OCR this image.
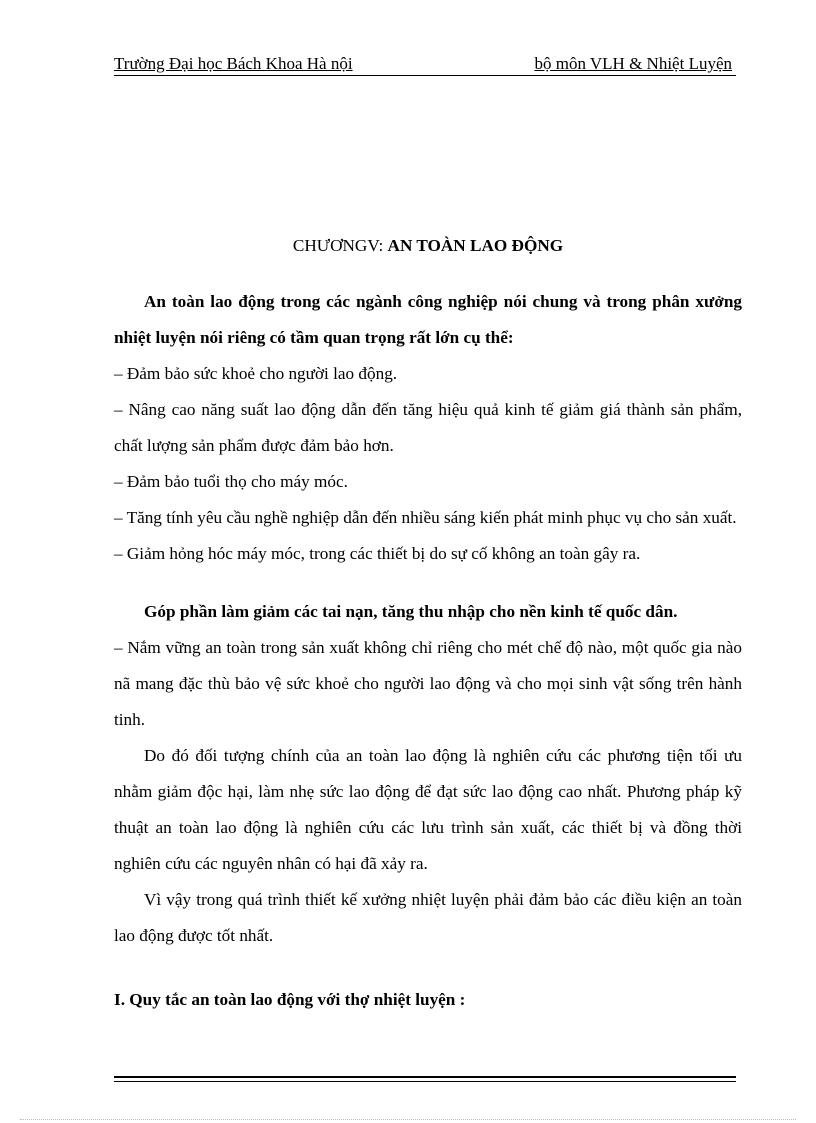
Trường Đại học Bách Khoa Hà nội	bộ môn VLH & Nhiệt Luyện

CHƯƠNGV: AN TOÀN LAO ĐỘNG

An toàn lao động trong các ngành công nghiệp nói chung và trong phân xưởng nhiệt luyện nói riêng có tầm quan trọng rất lớn cụ thể:

– Đảm bảo sức khoẻ cho người lao động.

– Nâng cao năng suất lao động dẫn đến tăng hiệu quả kinh tế giảm giá thành sản phẩm, chất lượng sản phẩm được đảm bảo hơn.

– Đảm bảo tuổi thọ cho máy móc.

– Tăng tính yêu cầu nghề nghiệp dẫn đến nhiều sáng kiến phát minh phục vụ cho sản xuất.

– Giảm hỏng hóc máy móc, trong các thiết bị do sự cố không an toàn gây ra.

Góp phần làm giảm các tai nạn, tăng thu nhập cho nền kinh tế quốc dân.

– Nắm vững an toàn trong sản xuất không chỉ riêng cho mét chế độ nào, một quốc gia nào nã mang đặc thù bảo vệ sức khoẻ cho người lao động và cho mọi sinh vật sống trên hành tinh.

Do đó đối tượng chính của an toàn lao động là nghiên cứu các phương tiện tối ưu nhằm giảm độc hại, làm nhẹ sức lao động để đạt sức lao động cao nhất. Phương pháp kỹ thuật an toàn lao động là nghiên cứu các lưu trình sản xuất, các thiết bị và đồng thời nghiên cứu các nguyên nhân có hại đã xảy ra.

Vì vậy trong quá trình thiết kế xưởng nhiệt luyện phải đảm bảo các điều kiện an toàn lao động được tốt nhất.

I. Quy tắc an toàn lao động với thợ nhiệt luyện :
